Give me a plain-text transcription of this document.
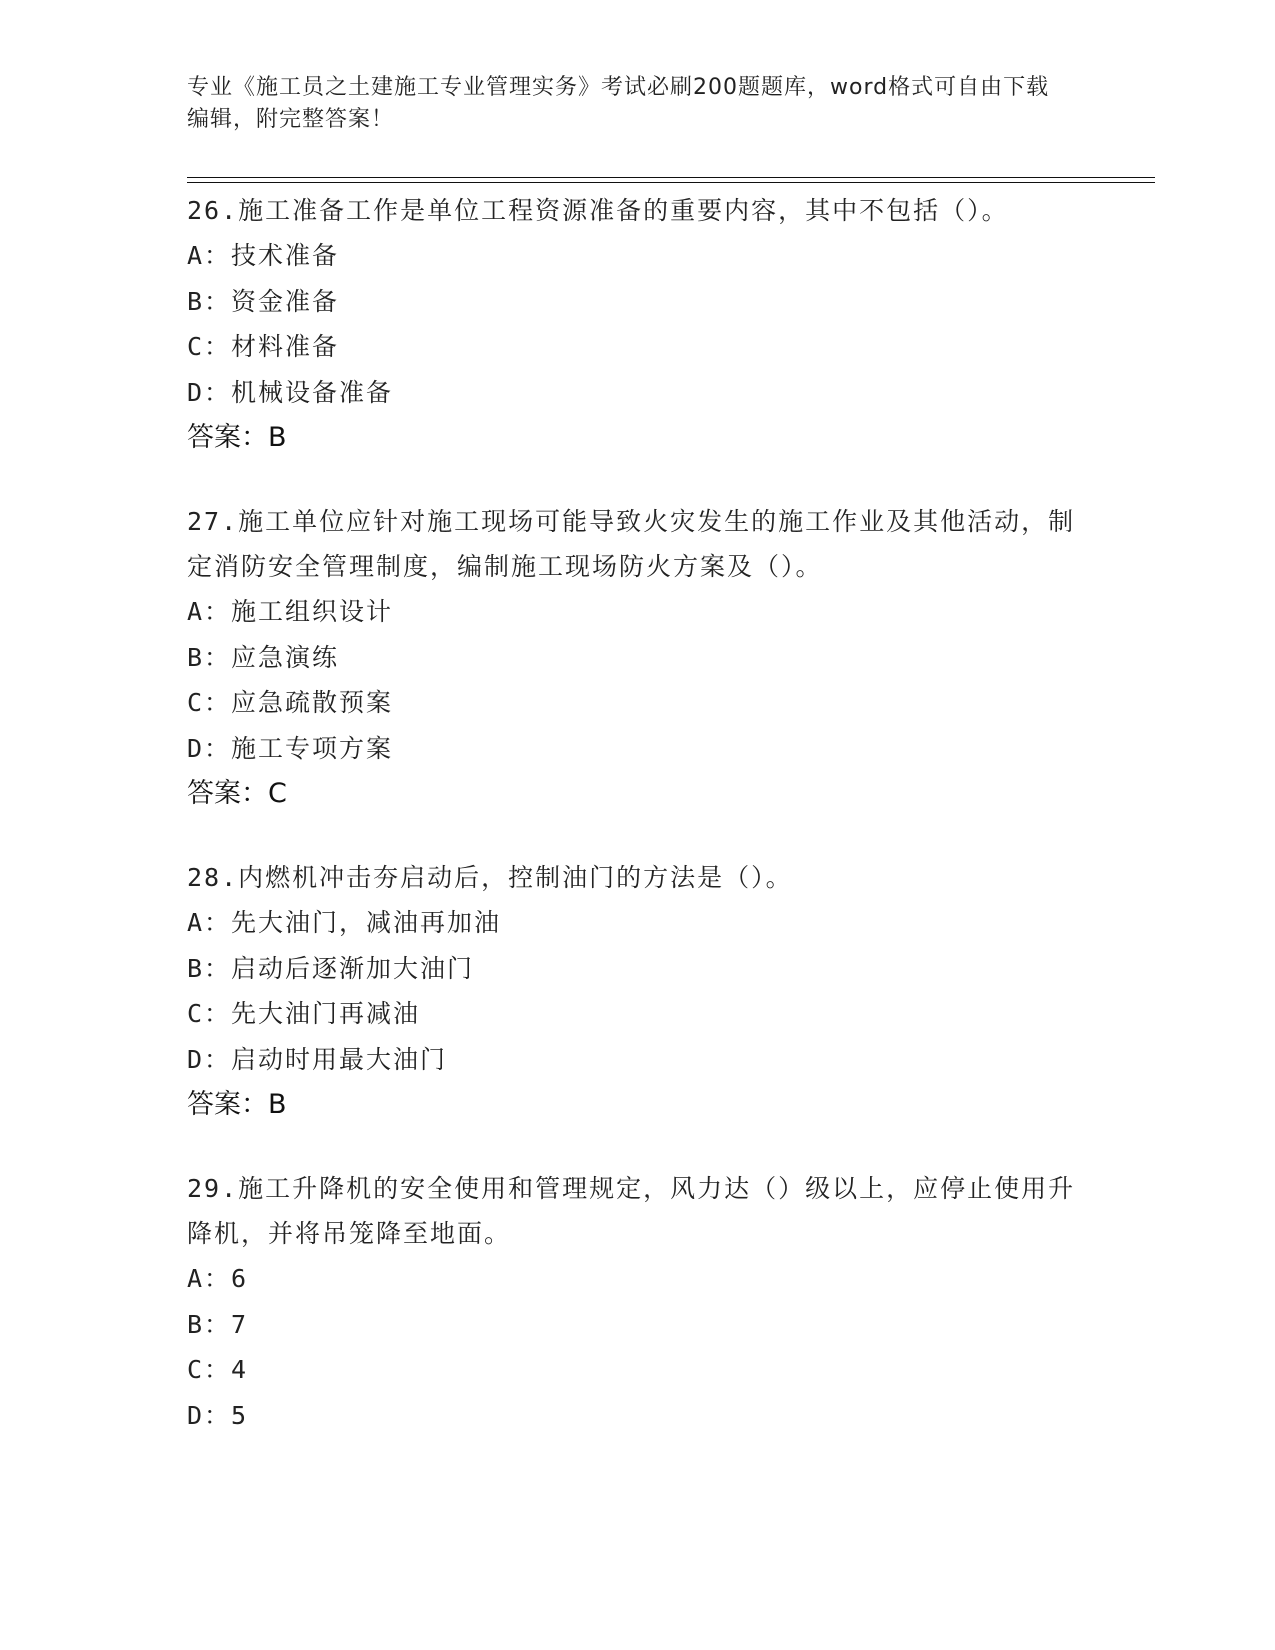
专业《施工员之土建施工专业管理实务》考试必刷200题题库，word格式可自由下载编辑，附完整答案！
26.施工准备工作是单位工程资源准备的重要内容，其中不包括（）。
A：技术准备
B：资金准备
C：材料准备
D：机械设备准备
答案：B
27.施工单位应针对施工现场可能导致火灾发生的施工作业及其他活动，制定消防安全管理制度，编制施工现场防火方案及（）。
A：施工组织设计
B：应急演练
C：应急疏散预案
D：施工专项方案
答案：C
28.内燃机冲击夯启动后，控制油门的方法是（）。
A：先大油门，减油再加油
B：启动后逐渐加大油门
C：先大油门再减油
D：启动时用最大油门
答案：B
29.施工升降机的安全使用和管理规定，风力达（）级以上，应停止使用升降机，并将吊笼降至地面。
A：6
B：7
C：4
D：5
